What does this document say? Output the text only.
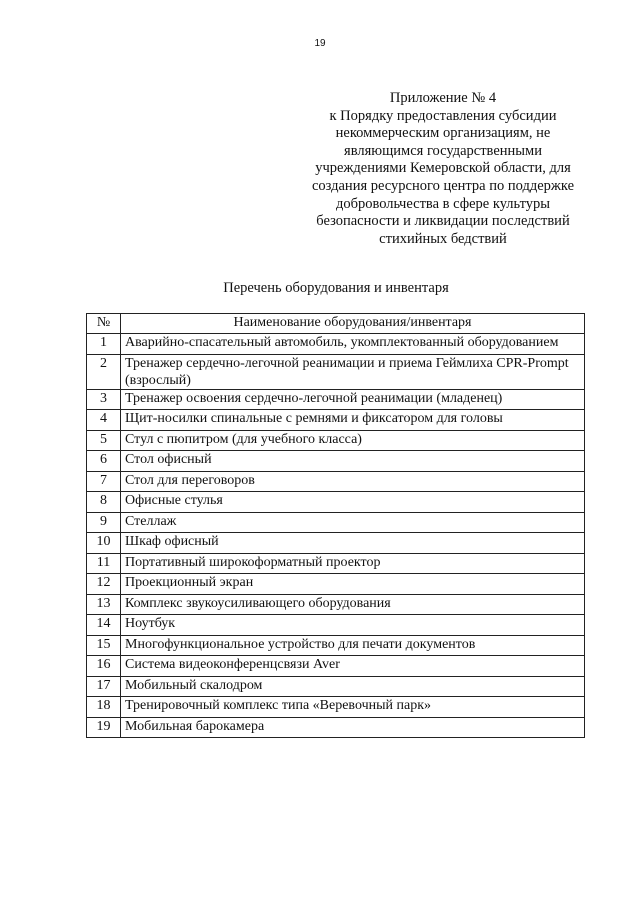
19
Приложение № 4
к Порядку предоставления субсидии
некоммерческим организациям, не
являющимся государственными
учреждениями Кемеровской области, для
создания ресурсного центра по поддержке
добровольчества в сфере культуры
безопасности и ликвидации последствий
стихийных бедствий
Перечень оборудования и инвентаря
№	Наименование оборудования/инвентаря
1	Аварийно-спасательный автомобиль, укомплектованный оборудованием
2	Тренажер сердечно-легочной реанимации и приема Геймлиха CPR-Prompt (взрослый)
3	Тренажер освоения сердечно-легочной реанимации (младенец)
4	Щит-носилки спинальные с ремнями и фиксатором для головы
5	Стул с пюпитром (для учебного класса)
6	Стол офисный
7	Стол для переговоров
8	Офисные стулья
9	Стеллаж
10	Шкаф офисный
11	Портативный широкоформатный проектор
12	Проекционный экран
13	Комплекс звукоусиливающего оборудования
14	Ноутбук
15	Многофункциональное устройство для печати документов
16	Система видеоконференцсвязи Aver
17	Мобильный скалодром
18	Тренировочный комплекс типа «Веревочный парк»
19	Мобильная барокамера
